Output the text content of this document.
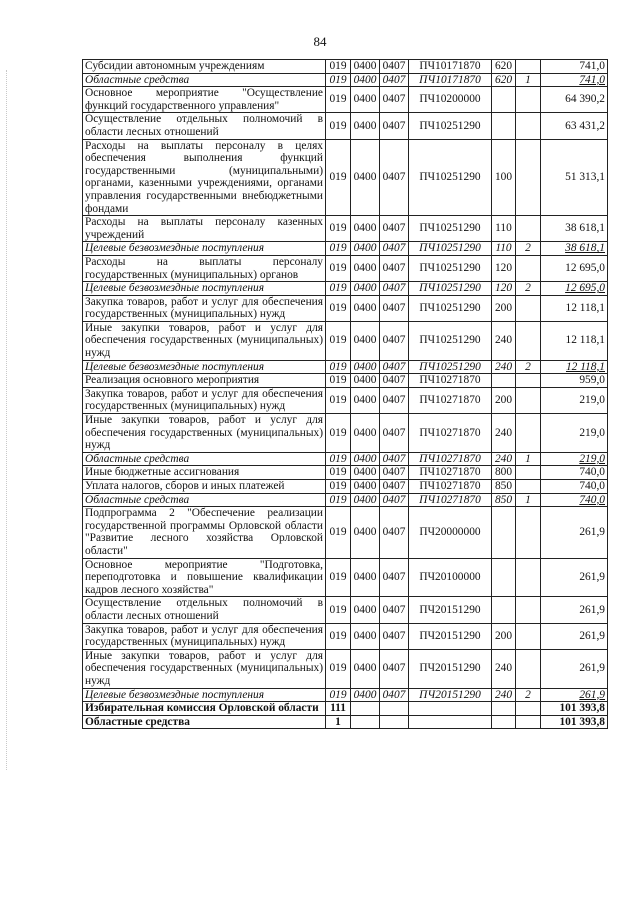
84
Субсидии автономным учреждениям	019	0400	0407	ПЧ10171870	620		741,0
Областные средства	019	0400	0407	ПЧ10171870	620	1	741,0
Основное мероприятие "Осуществление функций государственного управления"	019	0400	0407	ПЧ10200000			64 390,2
Осуществление отдельных полномочий в области лесных отношений	019	0400	0407	ПЧ10251290			63 431,2
Расходы на выплаты персоналу в целях обеспечения выполнения функций государственными (муниципальными) органами, казенными учреждениями, органами управления государственными внебюджетными фондами	019	0400	0407	ПЧ10251290	100		51 313,1
Расходы на выплаты персоналу казенных учреждений	019	0400	0407	ПЧ10251290	110		38 618,1
Целевые безвозмездные поступления	019	0400	0407	ПЧ10251290	110	2	38 618,1
Расходы на выплаты персоналу государственных (муниципальных) органов	019	0400	0407	ПЧ10251290	120		12 695,0
Целевые безвозмездные поступления	019	0400	0407	ПЧ10251290	120	2	12 695,0
Закупка товаров, работ и услуг для обеспечения государственных (муниципальных) нужд	019	0400	0407	ПЧ10251290	200		12 118,1
Иные закупки товаров, работ и услуг для обеспечения государственных (муниципальных) нужд	019	0400	0407	ПЧ10251290	240		12 118,1
Целевые безвозмездные поступления	019	0400	0407	ПЧ10251290	240	2	12 118,1
Реализация основного мероприятия	019	0400	0407	ПЧ10271870			959,0
Закупка товаров, работ и услуг для обеспечения государственных (муниципальных) нужд	019	0400	0407	ПЧ10271870	200		219,0
Иные закупки товаров, работ и услуг для обеспечения государственных (муниципальных) нужд	019	0400	0407	ПЧ10271870	240		219,0
Областные средства	019	0400	0407	ПЧ10271870	240	1	219,0
Иные бюджетные ассигнования	019	0400	0407	ПЧ10271870	800		740,0
Уплата налогов, сборов и иных платежей	019	0400	0407	ПЧ10271870	850		740,0
Областные средства	019	0400	0407	ПЧ10271870	850	1	740,0
Подпрограмма 2 "Обеспечение реализации государственной программы Орловской области "Развитие лесного хозяйства Орловской области"	019	0400	0407	ПЧ20000000			261,9
Основное мероприятие "Подготовка, переподготовка и повышение квалификации кадров лесного хозяйства"	019	0400	0407	ПЧ20100000			261,9
Осуществление отдельных полномочий в области лесных отношений	019	0400	0407	ПЧ20151290			261,9
Закупка товаров, работ и услуг для обеспечения государственных (муниципальных) нужд	019	0400	0407	ПЧ20151290	200		261,9
Иные закупки товаров, работ и услуг для обеспечения государственных (муниципальных) нужд	019	0400	0407	ПЧ20151290	240		261,9
Целевые безвозмездные поступления	019	0400	0407	ПЧ20151290	240	2	261,9
Избирательная комиссия Орловской области	111						101 393,8
Областные средства	1						101 393,8
